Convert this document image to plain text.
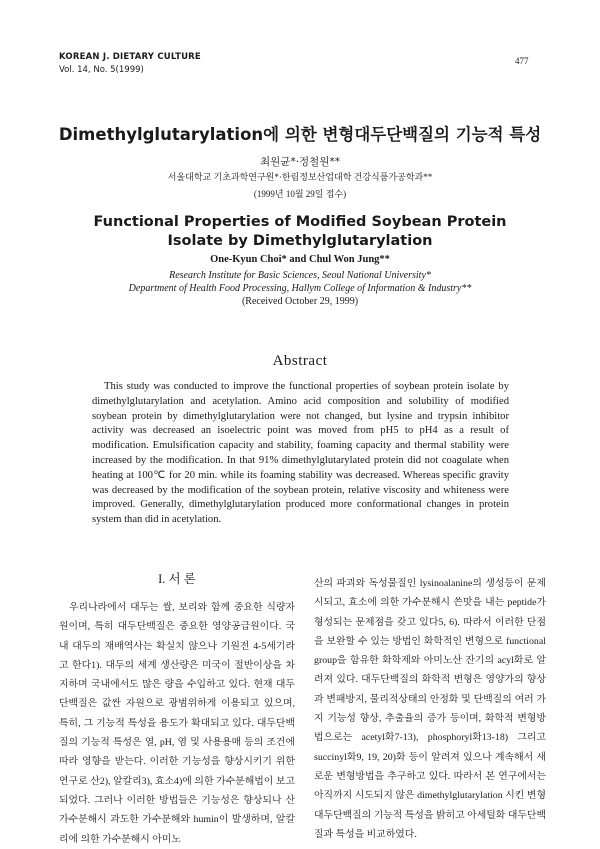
KOREAN J. DIETARY CULTURE
Vol. 14, No. 5(1999)
477
Dimethylglutarylation에 의한 변형대두단백질의 기능적 특성
최원균*·정철원**
서울대학교 기초과학연구원*·한림정보산업대학 건강식품가공학과**
(1999년 10월 29일 접수)
Functional Properties of Modified Soybean Protein Isolate by Dimethylglutarylation
One-Kyun Choi* and Chul Won Jung**
Research Institute for Basic Sciences, Seoul National University*
Department of Health Food Processing, Hallym College of Information & Industry**
(Received October 29, 1999)
Abstract

This study was conducted to improve the functional properties of soybean protein isolate by dimethylglutarylation and acetylation. Amino acid composition and solubility of modified soybean protein by dimethylglutarylation were not changed, but lysine and trypsin inhibitor activity was decreased an isoelectric point was moved from pH5 to pH4 as a result of modification. Emulsification capacity and stability, foaming capacity and thermal stability were increased by the modification. In that 91% dimethylglutarylated protein did not coagulate when heating at 100℃ for 20 min. while its foaming stability was decreased. Whereas specific gravity was decreased by the modification of the soybean protein, relative viscosity and whiteness were improved. Generally, dimethylglutarylation produced more conformational changes in protein system than did in acetylation.

I. 서 론

우리나라에서 대두는 쌀, 보리와 함께 중요한 식량자원이며, 특히 대두단백질은 중요한 영양공급원이다. 국내 대두의 재배역사는 확실치 않으나 기원전 4-5세기라고 한다1). 대두의 세계 생산량은 미국이 절반이상을 차지하며 국내에서도 많은 량을 수입하고 있다. 현재 대두단백질은 값싼 자원으로 광범위하게 이용되고 있으며, 특히, 그 기능적 특성을 용도가 확대되고 있다. 대두단백질의 기능적 특성은 열, pH, 염 및 사용용매 등의 조건에 따라 영향을 받는다. 이러한 기능성을 향상시키기 위한 연구로 산2), 알칼리3), 효소4)에 의한 가수분해법이 보고되었다. 그러나 이러한 방법들은 기능성은 향상되나 산가수분해시 과도한 가수분해와 humin이 발생하며, 알칼리에 의한 가수분해시 아미노

산의 파괴와 독성물질인 lysinoalanine의 생성등이 문제시되고, 효소에 의한 가수분해시 쓴맛을 내는 peptide가 형성되는 문제점을 갖고 있다5, 6). 따라서 이러한 단점을 보완할 수 있는 방법인 화학적인 변형으로 functional group을 함유한 화학제와 아미노산 잔기의 acyl화로 알려져 있다. 대두단백질의 화학적 변형은 영양가의 향상과 변패방지, 물리적상태의 안정화 및 단백질의 여러 가지 기능성 향상, 추출율의 증가 등이며, 화학적 변형방법으로는 acetyl화7-13), phosphoryl화13-18) 그리고 succinyl화9, 19, 20)화 등이 알려져 있으나 계속해서 새로운 변형방법을 추구하고 있다. 따라서 본 연구에서는 아직까지 시도되지 않은 dimethylglutarylation 시킨 변형대두단백질의 기능적 특성을 밝히고 아세틸화 대두단백질과 특성을 비교하였다.
